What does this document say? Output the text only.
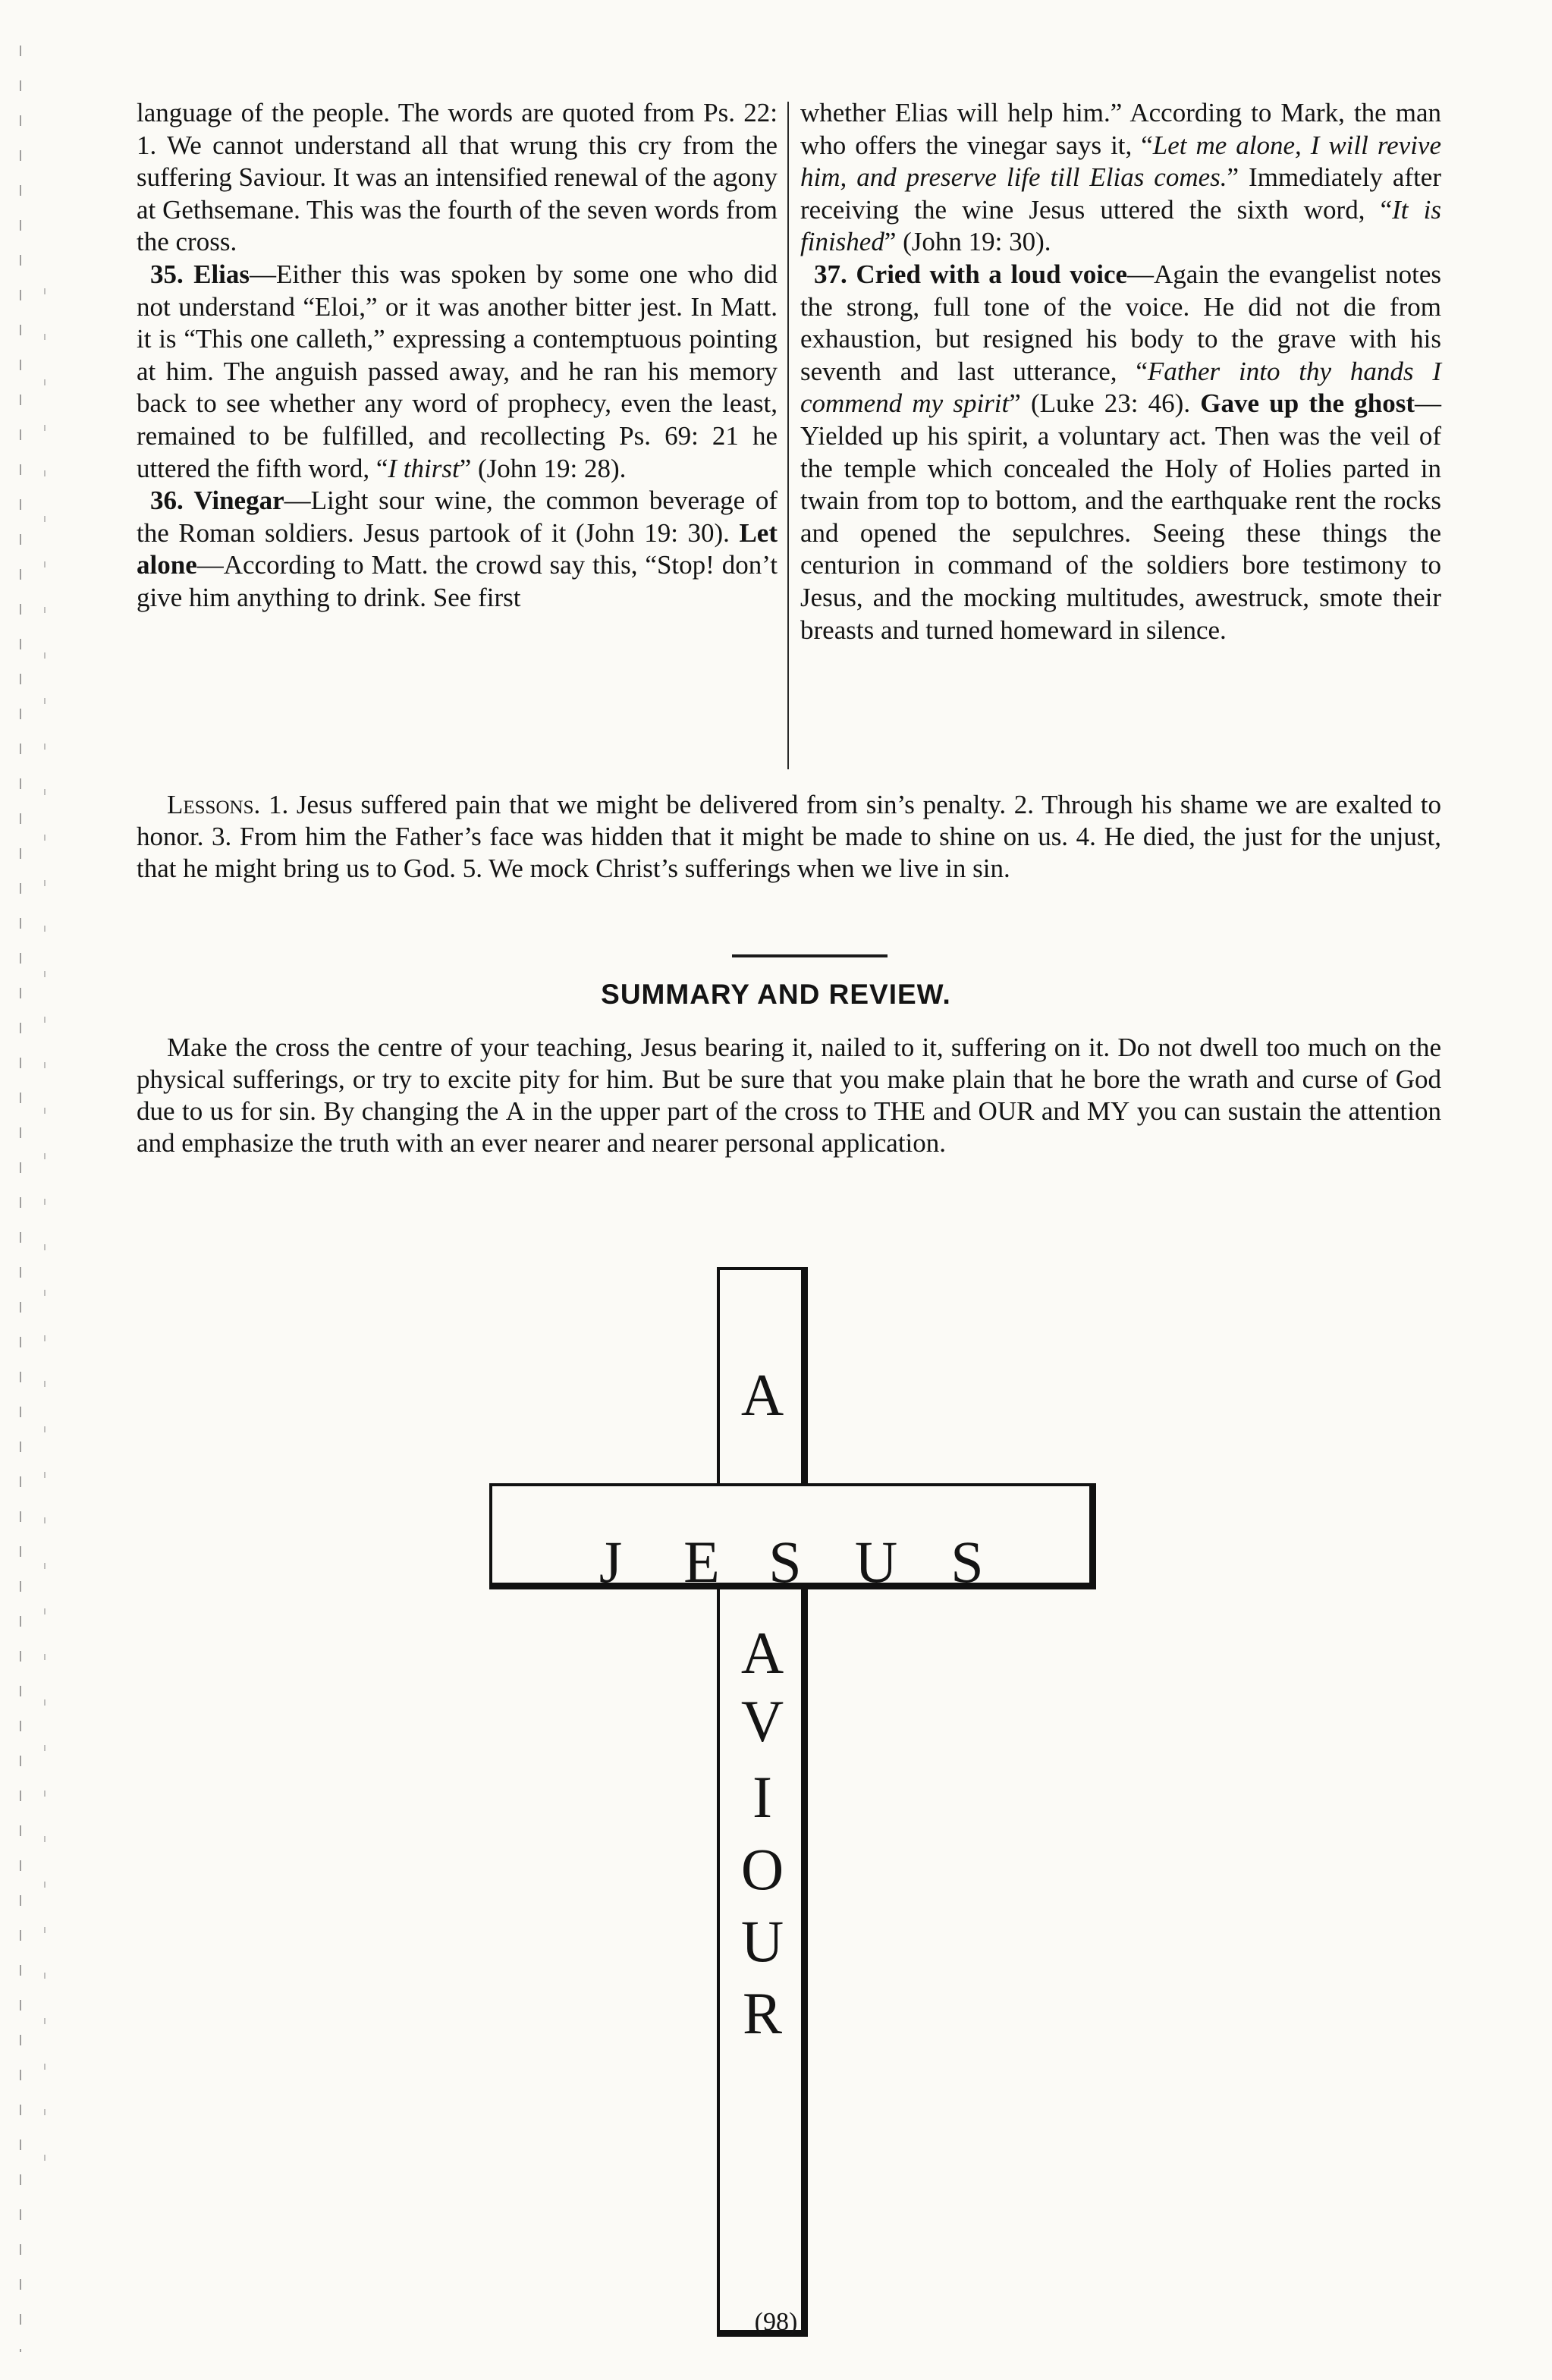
language of the people. The words are quoted from Ps. 22: 1. We cannot understand all that wrung this cry from the suffering Saviour. It was an intensified renewal of the agony at Gethsemane. This was the fourth of the seven words from the cross.

35. Elias—Either this was spoken by some one who did not understand “Eloi,” or it was another bitter jest. In Matt. it is “This one calleth,” expressing a contemptuous pointing at him. The anguish passed away, and he ran his memory back to see whether any word of prophecy, even the least, remained to be fulfilled, and recollecting Ps. 69: 21 he uttered the fifth word, “I thirst” (John 19: 28).

36. Vinegar—Light sour wine, the common beverage of the Roman soldiers. Jesus partook of it (John 19: 30). Let alone—According to Matt. the crowd say this, “Stop! don’t give him anything to drink. See first

whether Elias will help him.” According to Mark, the man who offers the vinegar says it, “Let me alone, I will revive him, and preserve life till Elias comes.” Immediately after receiving the wine Jesus uttered the sixth word, “It is finished” (John 19: 30).

37. Cried with a loud voice—Again the evangelist notes the strong, full tone of the voice. He did not die from exhaustion, but resigned his body to the grave with his seventh and last utterance, “Father into thy hands I commend my spirit” (Luke 23: 46). Gave up the ghost—Yielded up his spirit, a voluntary act. Then was the veil of the temple which concealed the Holy of Holies parted in twain from top to bottom, and the earthquake rent the rocks and opened the sepulchres. Seeing these things the centurion in command of the soldiers bore testimony to Jesus, and the mocking multitudes, awestruck, smote their breasts and turned homeward in silence.

Lessons. 1. Jesus suffered pain that we might be delivered from sin’s penalty. 2. Through his shame we are exalted to honor. 3. From him the Father’s face was hidden that it might be made to shine on us. 4. He died, the just for the unjust, that he might bring us to God. 5. We mock Christ’s sufferings when we live in sin.
SUMMARY AND REVIEW.
Make the cross the centre of your teaching, Jesus bearing it, nailed to it, suffering on it. Do not dwell too much on the physical sufferings, or try to excite pity for him. But be sure that you make plain that he bore the wrath and curse of God due to us for sin. By changing the A in the upper part of the cross to THE and OUR and MY you can sustain the attention and emphasize the truth with an ever nearer and nearer personal application.
A
J	E S U S
A
V
I
O
U
R
(98)
